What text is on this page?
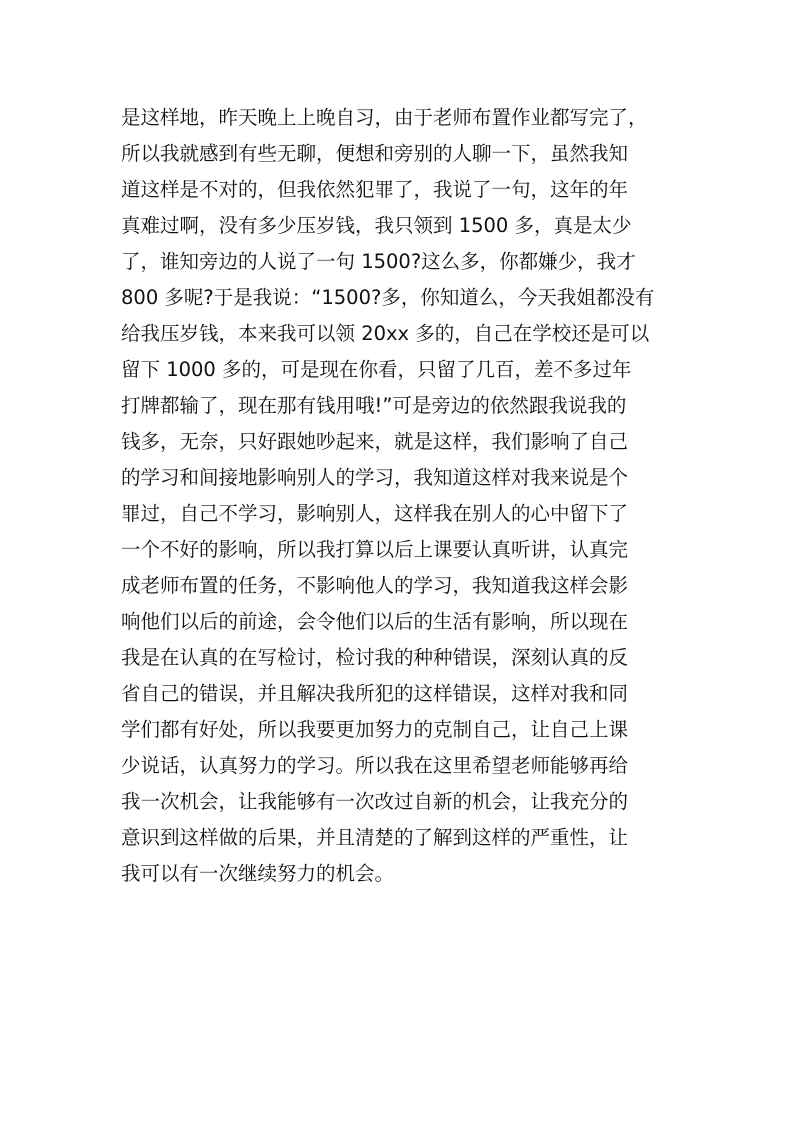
是这样地，昨天晚上上晚自习，由于老师布置作业都写完了，
所以我就感到有些无聊，便想和旁别的人聊一下，虽然我知
道这样是不对的，但我依然犯罪了，我说了一句，这年的年
真难过啊，没有多少压岁钱，我只领到 1500 多，真是太少
了，谁知旁边的人说了一句 1500?这么多，你都嫌少，我才
800 多呢?于是我说：“1500?多，你知道么，今天我姐都没有
给我压岁钱，本来我可以领 20xx 多的，自己在学校还是可以
留下 1000 多的，可是现在你看，只留了几百，差不多过年
打牌都输了，现在那有钱用哦!”可是旁边的依然跟我说我的
钱多，无奈，只好跟她吵起来，就是这样，我们影响了自己
的学习和间接地影响别人的学习，我知道这样对我来说是个
罪过，自己不学习，影响别人，这样我在别人的心中留下了
一个不好的影响，所以我打算以后上课要认真听讲，认真完
成老师布置的任务，不影响他人的学习，我知道我这样会影
响他们以后的前途，会令他们以后的生活有影响，所以现在
我是在认真的在写检讨，检讨我的种种错误，深刻认真的反
省自己的错误，并且解决我所犯的这样错误，这样对我和同
学们都有好处，所以我要更加努力的克制自己，让自己上课
少说话，认真努力的学习。所以我在这里希望老师能够再给
我一次机会，让我能够有一次改过自新的机会，让我充分的
意识到这样做的后果，并且清楚的了解到这样的严重性，让
我可以有一次继续努力的机会。
